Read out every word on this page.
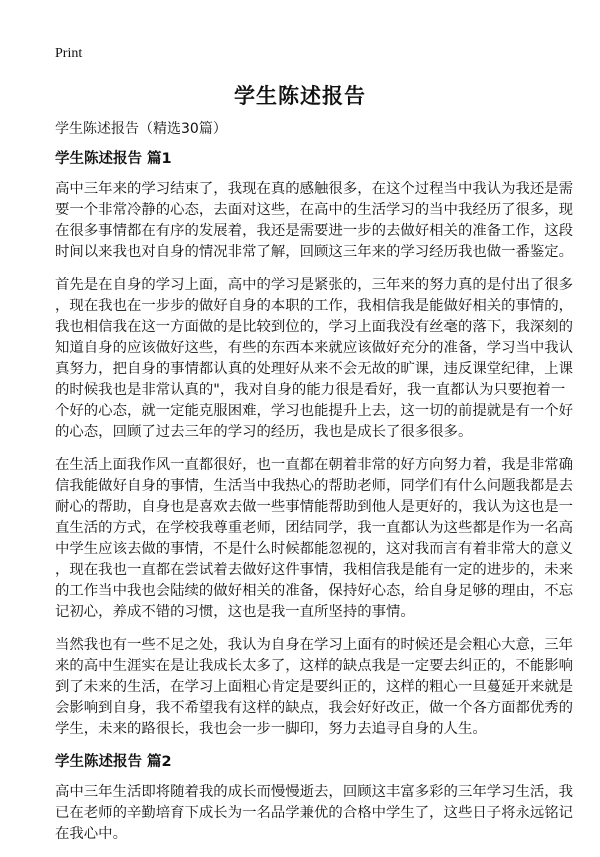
Print
学生陈述报告
学生陈述报告（精选30篇）
学生陈述报告 篇1
高中三年来的学习结束了，我现在真的感触很多，在这个过程当中我认为我还是需
要一个非常冷静的心态，去面对这些，在高中的生活学习的当中我经历了很多，现
在很多事情都在有序的发展着，我还是需要进一步的去做好相关的准备工作，这段
时间以来我也对自身的情况非常了解，回顾这三年来的学习经历我也做一番鉴定。
首先是在自身的学习上面，高中的学习是紧张的，三年来的努力真的是付出了很多
，现在我也在一步步的做好自身的本职的工作，我相信我是能做好相关的事情的，
我也相信我在这一方面做的是比较到位的，学习上面我没有丝毫的落下，我深刻的
知道自身的应该做好这些，有些的东西本来就应该做好充分的准备，学习当中我认
真努力，把自身的事情都认真的处理好从来不会无故的旷课，违反课堂纪律，上课
的时候我也是非常认真的"，我对自身的能力很是看好，我一直都认为只要抱着一
个好的心态，就一定能克服困难，学习也能提升上去，这一切的前提就是有一个好
的心态，回顾了过去三年的学习的经历，我也是成长了很多很多。
在生活上面我作风一直都很好，也一直都在朝着非常的好方向努力着，我是非常确
信我能做好自身的事情，生活当中我热心的帮助老师，同学们有什么问题我都是去
耐心的帮助，自身也是喜欢去做一些事情能帮助到他人是更好的，我认为这也是一
直生活的方式，在学校我尊重老师，团结同学，我一直都认为这些都是作为一名高
中学生应该去做的事情，不是什么时候都能忽视的，这对我而言有着非常大的意义
，现在我也一直都在尝试着去做好这件事情，我相信我是能有一定的进步的，未来
的工作当中我也会陆续的做好相关的准备，保持好心态，给自身足够的理由，不忘
记初心，养成不错的习惯，这也是我一直所坚持的事情。
当然我也有一些不足之处，我认为自身在学习上面有的时候还是会粗心大意，三年
来的高中生涯实在是让我成长太多了，这样的缺点我是一定要去纠正的，不能影响
到了未来的生活，在学习上面粗心肯定是要纠正的，这样的粗心一旦蔓延开来就是
会影响到自身，我不希望我有这样的缺点，我会好好改正，做一个各方面都优秀的
学生，未来的路很长，我也会一步一脚印，努力去追寻自身的人生。
学生陈述报告 篇2
高中三年生活即将随着我的成长而慢慢逝去，回顾这丰富多彩的三年学习生活，我
已在老师的辛勤培育下成长为一名品学兼优的合格中学生了，这些日子将永远铭记
在我心中。
